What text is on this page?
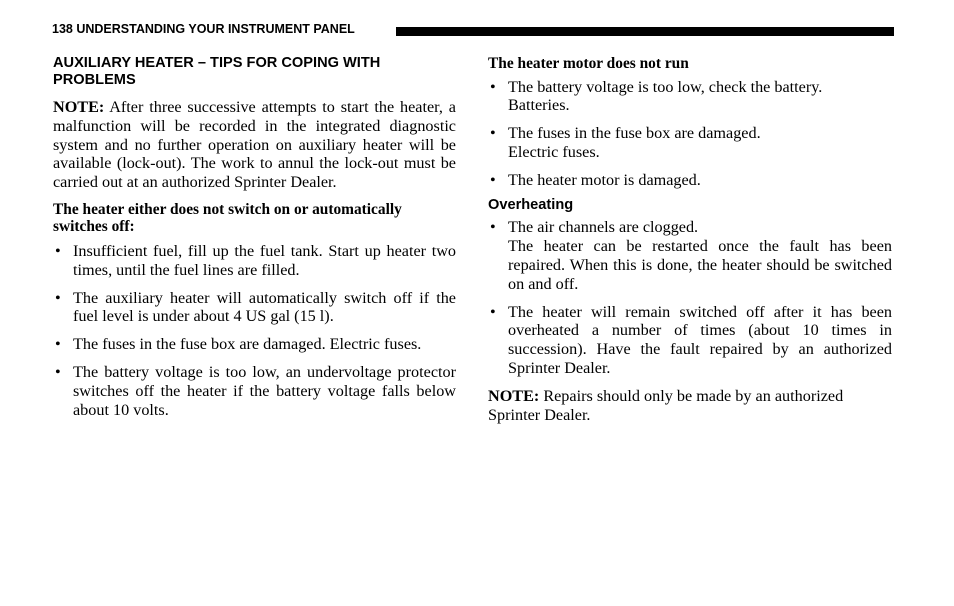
138 UNDERSTANDING YOUR INSTRUMENT PANEL
AUXILIARY HEATER – TIPS FOR COPING WITH PROBLEMS

NOTE: After three successive attempts to start the heater, a malfunction will be recorded in the integrated diagnostic system and no further operation on auxiliary heater will be available (lock-out). The work to annul the lock-out must be carried out at an authorized Sprinter Dealer.

The heater either does not switch on or automatically switches off:
• Insufficient fuel, fill up the fuel tank. Start up heater two times, until the fuel lines are filled.
• The auxiliary heater will automatically switch off if the fuel level is under about 4 US gal (15 l).
• The fuses in the fuse box are damaged. Electric fuses.
• The battery voltage is too low, an undervoltage protector switches off the heater if the battery voltage falls below about 10 volts.
The heater motor does not run
• The battery voltage is too low, check the battery.
Batteries.
• The fuses in the fuse box are damaged.
Electric fuses.
• The heater motor is damaged.
Overheating
• The air channels are clogged.
The heater can be restarted once the fault has been repaired. When this is done, the heater should be switched on and off.
• The heater will remain switched off after it has been overheated a number of times (about 10 times in succession). Have the fault repaired by an authorized Sprinter Dealer.

NOTE: Repairs should only be made by an authorized Sprinter Dealer.
